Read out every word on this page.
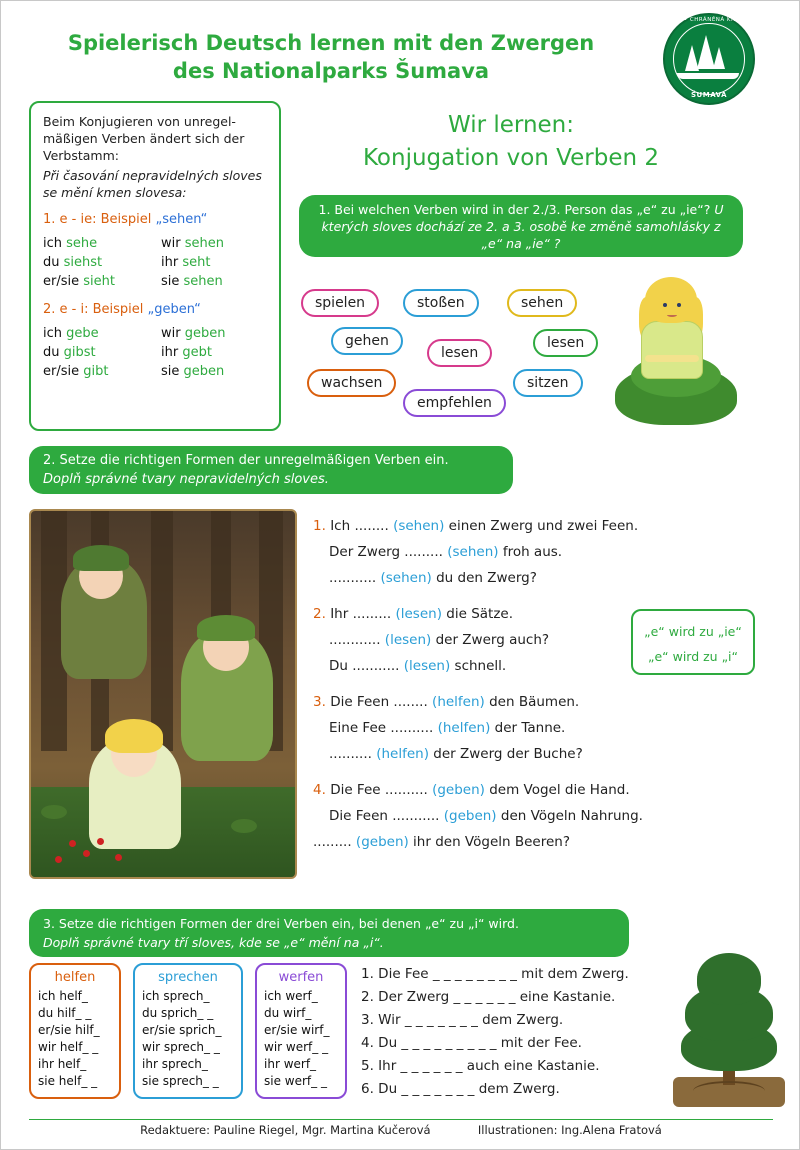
Spielerisch Deutsch lernen mit den Zwergen
des Nationalparks Šumava
NÁRODNÍ PARK • CHRÁNĚNÁ KRAJINNÁ OBLAST
ŠUMAVA
Beim Konjugieren von unregel-mäßigen Verben ändert sich der Verbstamm:
Při časování nepravidelných sloves se mění kmen slovesa:
1. e - ie: Beispiel „sehen“
ich sehe	wir sehen
du siehst	ihr seht
er/sie sieht	sie sehen
2. e - i: Beispiel „geben“
ich gebe	wir geben
du gibst	ihr gebt
er/sie gibt	sie geben
Wir lernen:
Konjugation von Verben 2
1. Bei welchen Verben wird in der 2./3. Person das „e“ zu „ie“? U kterých sloves dochází ze 2. a 3. osobě ke změně samohlásky z „e“ na „ie“ ?
spielen	stoßen	sehen
gehen
lesen
lesen
wachsen	sitzen
empfehlen
2. Setze die richtigen Formen der unregelmäßigen Verben ein.
Doplň správné tvary nepravidelných sloves.
1. Ich ........ (sehen) einen Zwerg und zwei Feen.
Der Zwerg ......... (sehen) froh aus.
........... (sehen) du den Zwerg?
2. Ihr ......... (lesen) die Sätze.
............ (lesen) der Zwerg auch?
Du ........... (lesen) schnell.
3. Die Feen ........ (helfen) den Bäumen.
Eine Fee .......... (helfen) der Tanne.
.......... (helfen) der Zwerg der Buche?
4. Die Fee .......... (geben) dem Vogel die Hand.
Die Feen ........... (geben) den Vögeln Nahrung.
......... (geben) ihr den Vögeln Beeren?
„e“ wird zu „ie“
„e“ wird zu „i“
3. Setze die richtigen Formen der drei Verben ein, bei denen „e“ zu „i“ wird.
Doplň správné tvary tří sloves, kde se „e“ mění na „i“.
helfen
ich helf_
du hilf_ _
er/sie hilf_
wir helf_ _
ihr helf_
sie helf_ _
sprechen
ich sprech_
du sprich_ _
er/sie sprich_
wir sprech_ _
ihr sprech_
sie sprech_ _
werfen
ich werf_
du wirf_
er/sie wirf_
wir werf_ _
ihr werf_
sie werf_ _
1. Die Fee _ _ _ _ _ _ _ _ mit dem Zwerg.
2. Der Zwerg _ _ _ _ _ _ eine Kastanie.
3. Wir _ _ _ _ _ _ _ dem Zwerg.
4. Du _ _ _ _ _ _ _ _ _ mit der Fee.
5. Ihr _ _ _ _ _ _ auch eine Kastanie.
6. Du _ _ _ _ _ _ _ dem Zwerg.
Redaktuere: Pauline Riegel, Mgr. Martina Kučerová	Illustrationen: Ing.Alena Fratová
